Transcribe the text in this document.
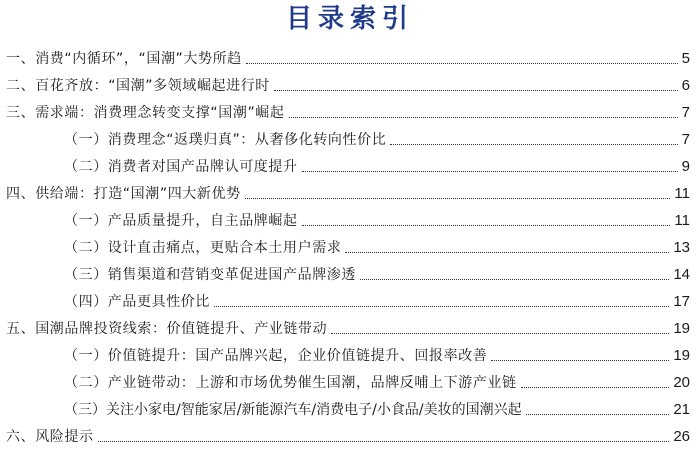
目录索引
一、消费“内循环”，“国潮”大势所趋	5
二、百花齐放：“国潮”多领域崛起进行时	6
三、需求端：消费理念转变支撑“国潮”崛起	7
（一）消费理念“返璞归真”：从奢侈化转向性价比	7
（二）消费者对国产品牌认可度提升	9
四、供给端：打造“国潮”四大新优势	11
（一）产品质量提升，自主品牌崛起	11
（二）设计直击痛点，更贴合本土用户需求	13
（三）销售渠道和营销变革促进国产品牌渗透	14
（四）产品更具性价比	17
五、国潮品牌投资线索：价值链提升、产业链带动	19
（一）价值链提升：国产品牌兴起，企业价值链提升、回报率改善	19
（二）产业链带动：上游和市场优势催生国潮，品牌反哺上下游产业链	20
（三）关注小家电/智能家居/新能源汽车/消费电子/小食品/美妆的国潮兴起	21
六、风险提示	26
